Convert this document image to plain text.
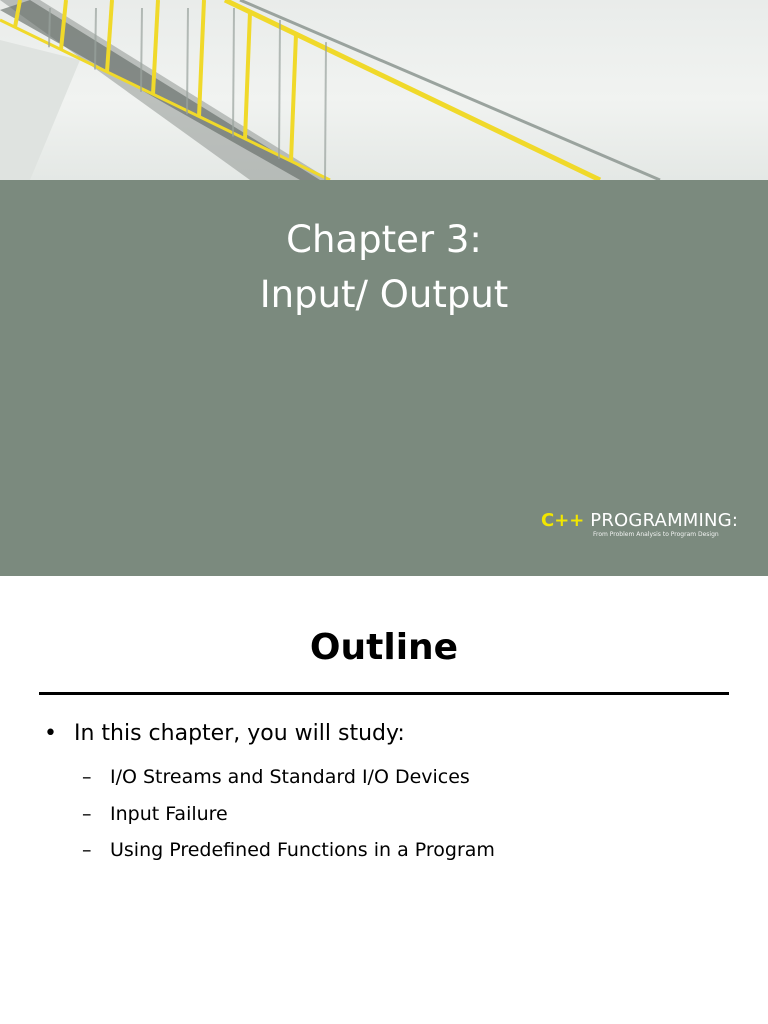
Chapter 3:
Input/ Output
C++ PROGRAMMING:
From Problem Analysis to Program Design
Outline
• In this chapter, you will study:
– I/O Streams and Standard I/O Devices
– Input Failure
– Using Predefined Functions in a Program
